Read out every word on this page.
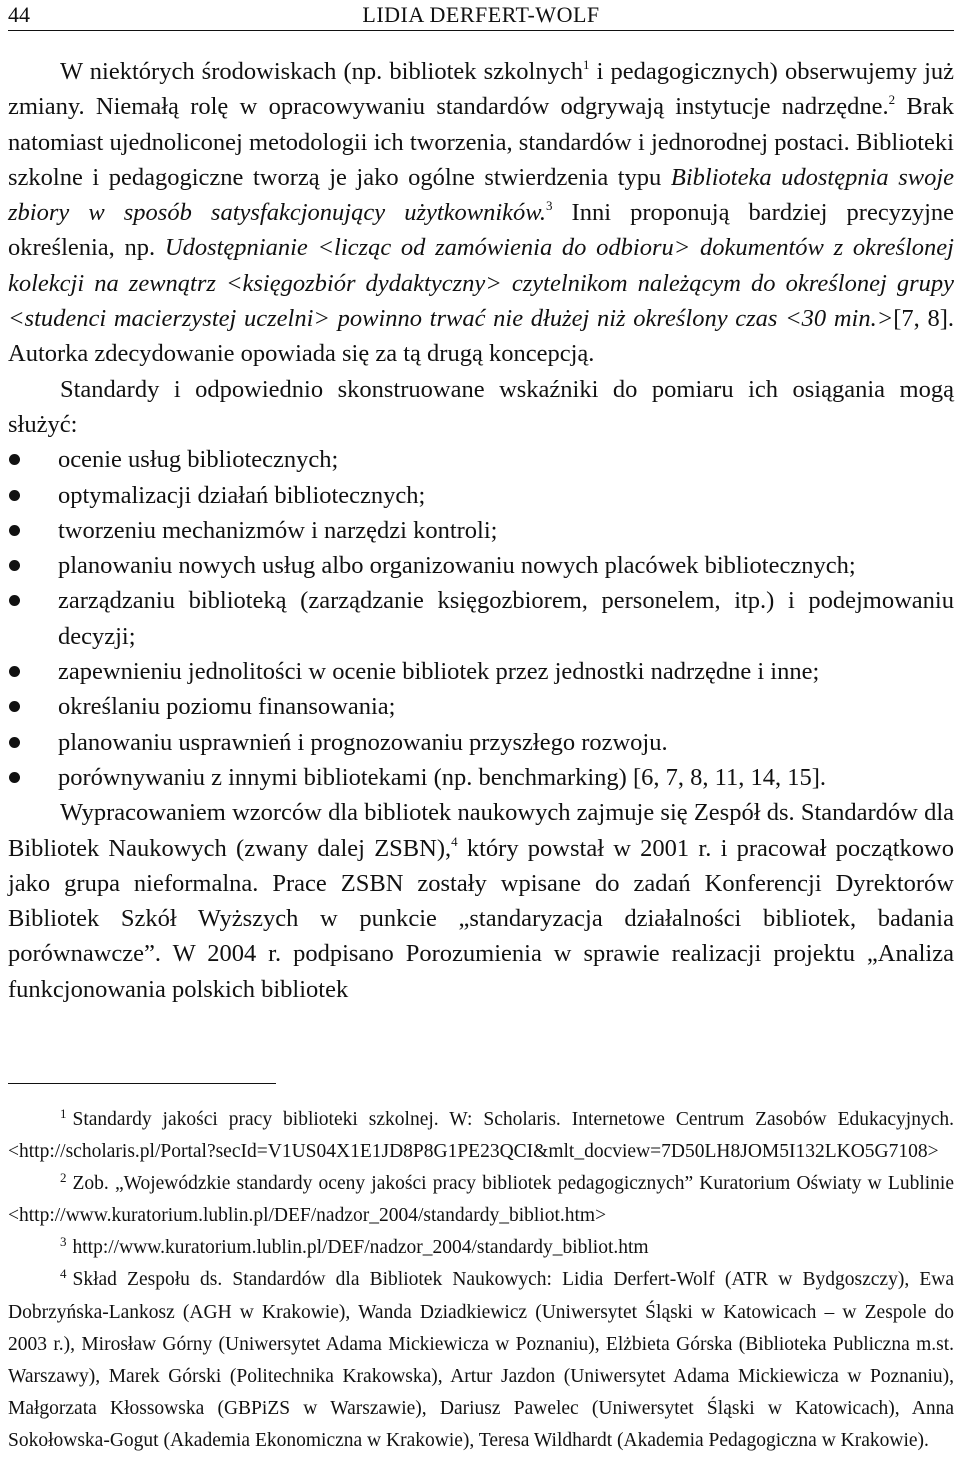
44	LIDIA DERFERT-WOLF

W niektórych środowiskach (np. bibliotek szkolnych$^1$ i pedagogicznych) obserwujemy już zmiany. Niemałą rolę w opracowywaniu standardów odgrywają instytucje nadrzędne.$^2$ Brak natomiast ujednoliconej metodologii ich tworzenia, standardów i jednorodnej postaci. Biblioteki szkolne i pedagogiczne tworzą je jako ogólne stwierdzenia typu Biblioteka udostępnia swoje zbiory w sposób satysfakcjonujący użytkowników.$^3$ Inni proponują bardziej precyzyjne określenia, np. Udostępnianie <licząc od zamówienia do odbioru> dokumentów z określonej kolekcji na zewnątrz <księgozbiór dydaktyczny> czytelnikom należącym do określonej grupy <studenci macierzystej uczelni> powinno trwać nie dłużej niż określony czas <30 min.>[7, 8]. Autorka zdecydowanie opowiada się za tą drugą koncepcją.

Standardy i odpowiednio skonstruowane wskaźniki do pomiaru ich osiągania mogą służyć:

ocenie usług bibliotecznych;
optymalizacji działań bibliotecznych;
tworzeniu mechanizmów i narzędzi kontroli;
planowaniu nowych usług albo organizowaniu nowych placówek bibliotecznych;
zarządzaniu biblioteką (zarządzanie księgozbiorem, personelem, itp.) i podejmowaniu decyzji;
zapewnieniu jednolitości w ocenie bibliotek przez jednostki nadrzędne i inne;
określaniu poziomu finansowania;
planowaniu usprawnień i prognozowaniu przyszłego rozwoju.
porównywaniu z innymi bibliotekami (np. benchmarking) [6, 7, 8, 11, 14, 15].

Wypracowaniem wzorców dla bibliotek naukowych zajmuje się Zespół ds. Standardów dla Bibliotek Naukowych (zwany dalej ZSBN),$^4$ który powstał w 2001 r. i pracował początkowo jako grupa nieformalna. Prace ZSBN zostały wpisane do zadań Konferencji Dyrektorów Bibliotek Szkół Wyższych w punkcie „standaryzacja działalności bibliotek, badania porównawcze”. W 2004 r. podpisano Porozumienia w sprawie realizacji projektu „Analiza funkcjonowania polskich bibliotek

$^1$ Standardy jakości pracy biblioteki szkolnej. W: Scholaris. Internetowe Centrum Zasobów Edukacyjnych. <http://scholaris.pl/Portal?secId=V1US04X1E1JD8P8G1PE23QCI&mlt_docview=7D50LH8JOM5I132LKO5G7108>

$^2$ Zob. „Wojewódzkie standardy oceny jakości pracy bibliotek pedagogicznych” Kuratorium Oświaty w Lublinie <http://www.kuratorium.lublin.pl/DEF/nadzor_2004/standardy_bibliot.htm>

$^3$ http://www.kuratorium.lublin.pl/DEF/nadzor_2004/standardy_bibliot.htm

$^4$ Skład Zespołu ds. Standardów dla Bibliotek Naukowych: Lidia Derfert-Wolf (ATR w Bydgoszczy), Ewa Dobrzyńska-Lankosz (AGH w Krakowie), Wanda Dziadkiewicz (Uniwersytet Śląski w Katowicach – w Zespole do 2003 r.), Mirosław Górny (Uniwersytet Adama Mickiewicza w Poznaniu), Elżbieta Górska (Biblioteka Publiczna m.st. Warszawy), Marek Górski (Politechnika Krakowska), Artur Jazdon (Uniwersytet Adama Mickiewicza w Poznaniu), Małgorzata Kłossowska (GBPiZS w Warszawie), Dariusz Pawelec (Uniwersytet Śląski w Katowicach), Anna Sokołowska-Gogut (Akademia Ekonomiczna w Krakowie), Teresa Wildhardt (Akademia Pedagogiczna w Krakowie).
